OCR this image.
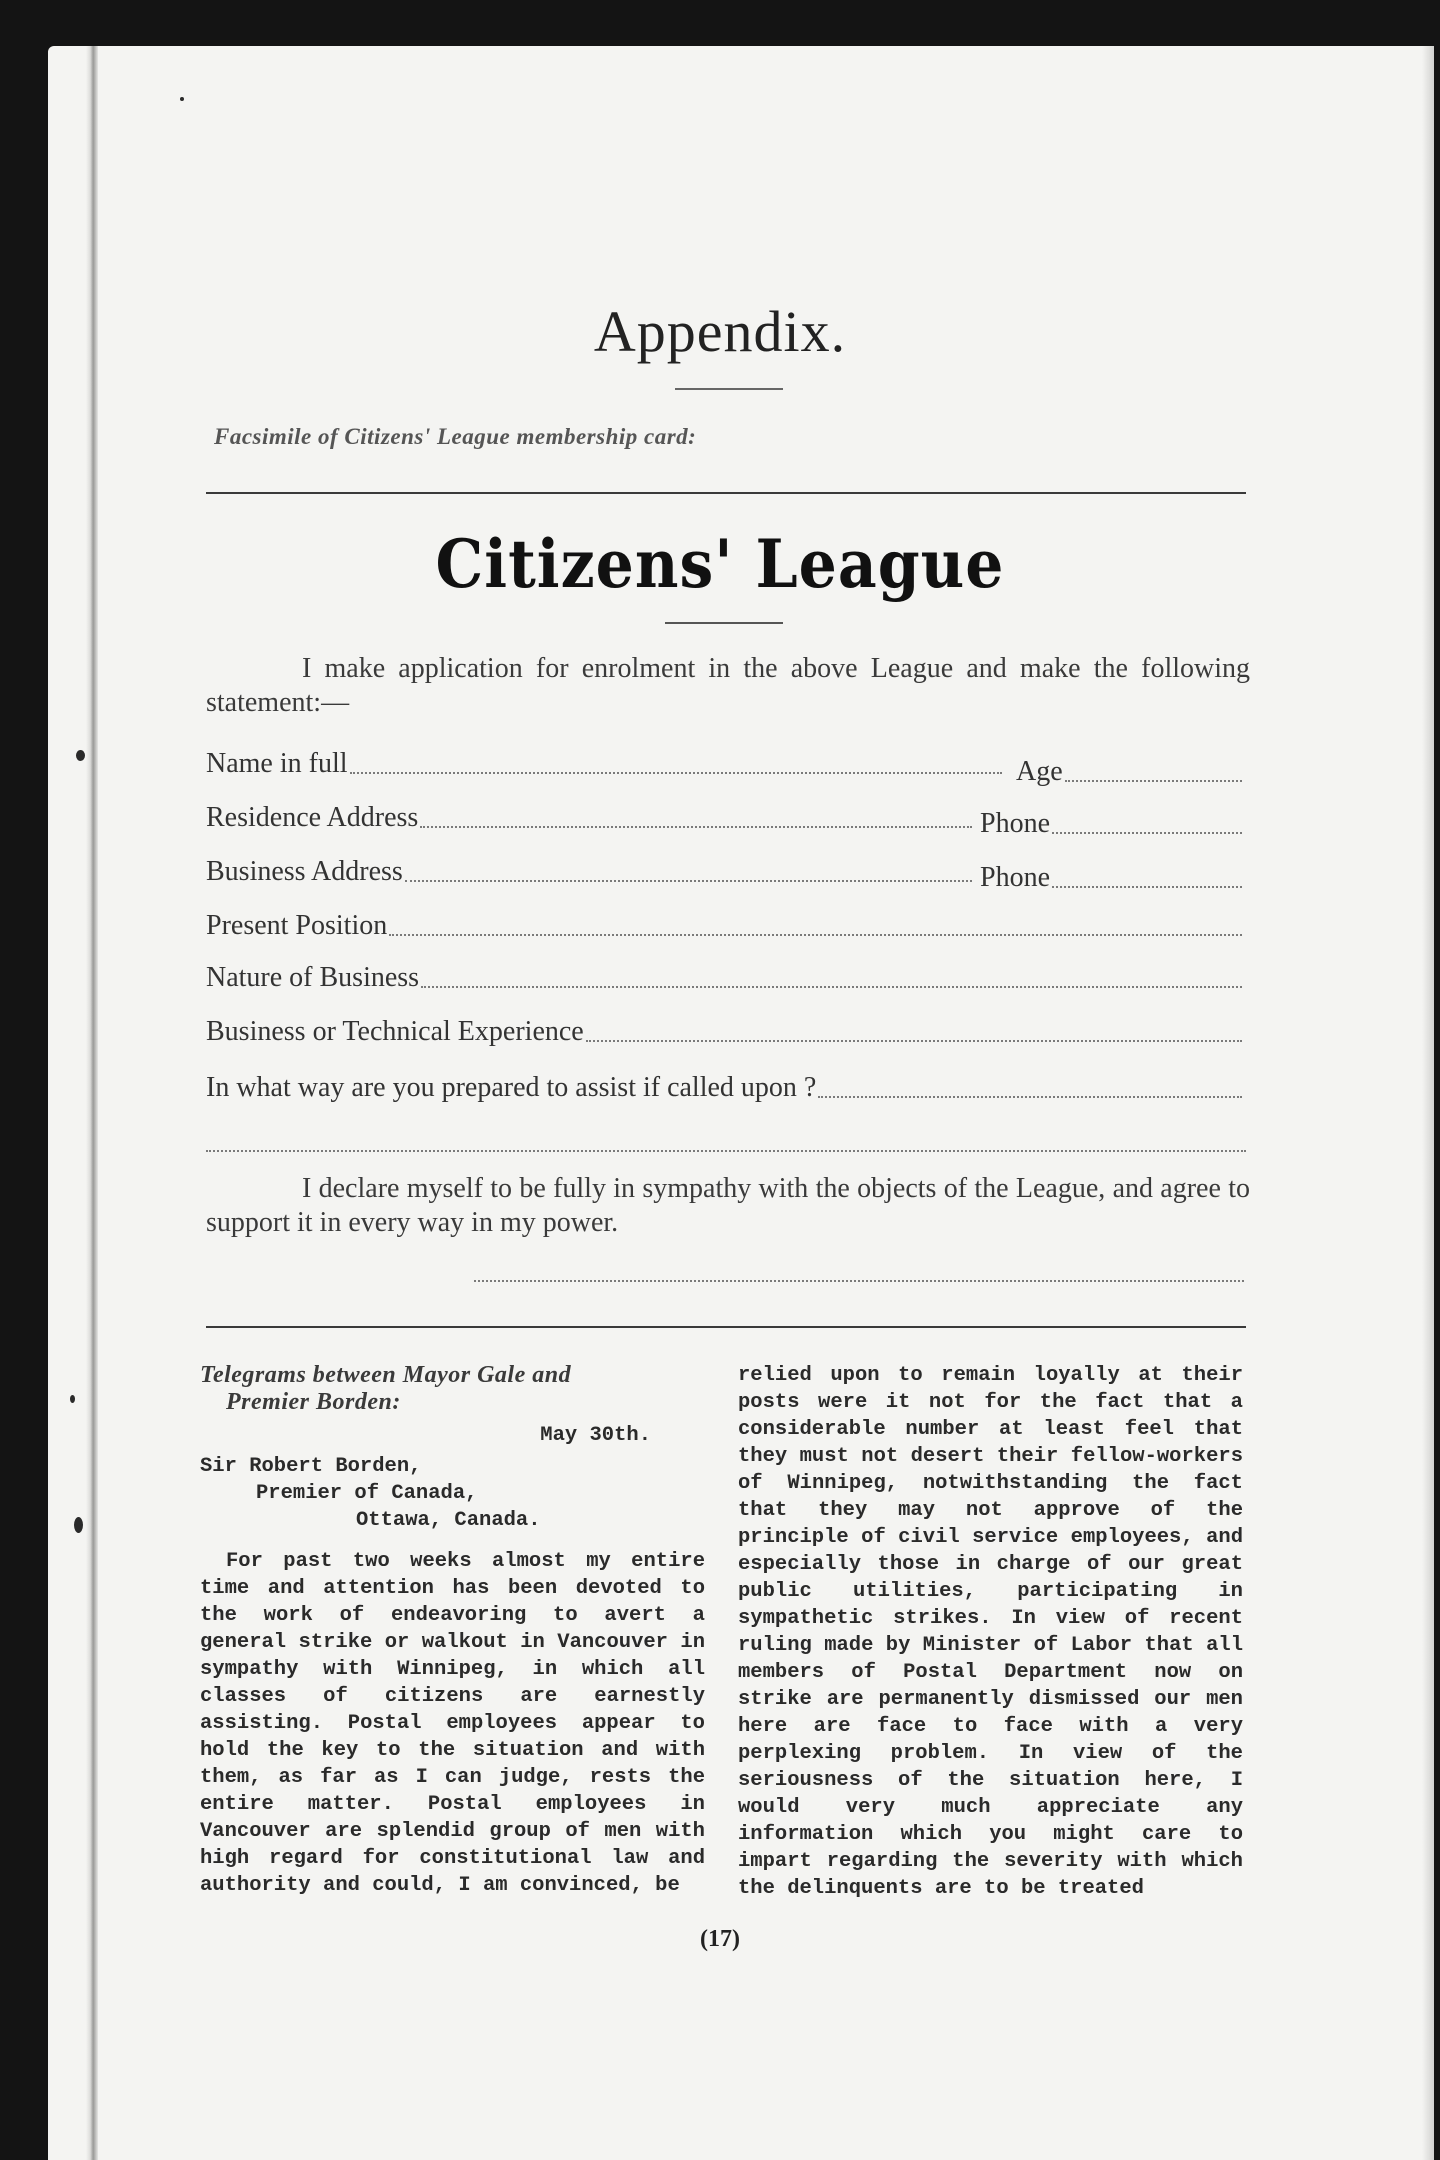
Appendix.
Facsimile of Citizens' League membership card:
Citizens' League
I make application for enrolment in the above League and make the following statement:—
Name in full	Age
Residence Address	Phone
Business Address	Phone
Present Position
Nature of Business
Business or Technical Experience
In what way are you prepared to assist if called upon ?
I declare myself to be fully in sympathy with the objects of the League, and agree to support it in every way in my power.
Telegrams between Mayor Gale and
Premier Borden:
May 30th.
Sir Robert Borden,
Premier of Canada,
Ottawa, Canada.
For past two weeks almost my entire time and attention has been devoted to the work of endeavoring to avert a general strike or walkout in Vancouver in sympathy with Winnipeg, in which all classes of citizens are earnestly assisting. Postal employees appear to hold the key to the situation and with them, as far as I can judge, rests the entire matter. Postal employees in Vancouver are splendid group of men with high regard for constitutional law and authority and could, I am convinced, be
relied upon to remain loyally at their posts were it not for the fact that a considerable number at least feel that they must not desert their fellow-workers of Winnipeg, notwithstanding the fact that they may not approve of the principle of civil service employees, and especially those in charge of our great public utilities, participating in sympathetic strikes. In view of recent ruling made by Minister of Labor that all members of Postal Department now on strike are permanently dismissed our men here are face to face with a very perplexing problem. In view of the seriousness of the situation here, I would very much appreciate any information which you might care to impart regarding the severity with which the delinquents are to be treated
(17)
